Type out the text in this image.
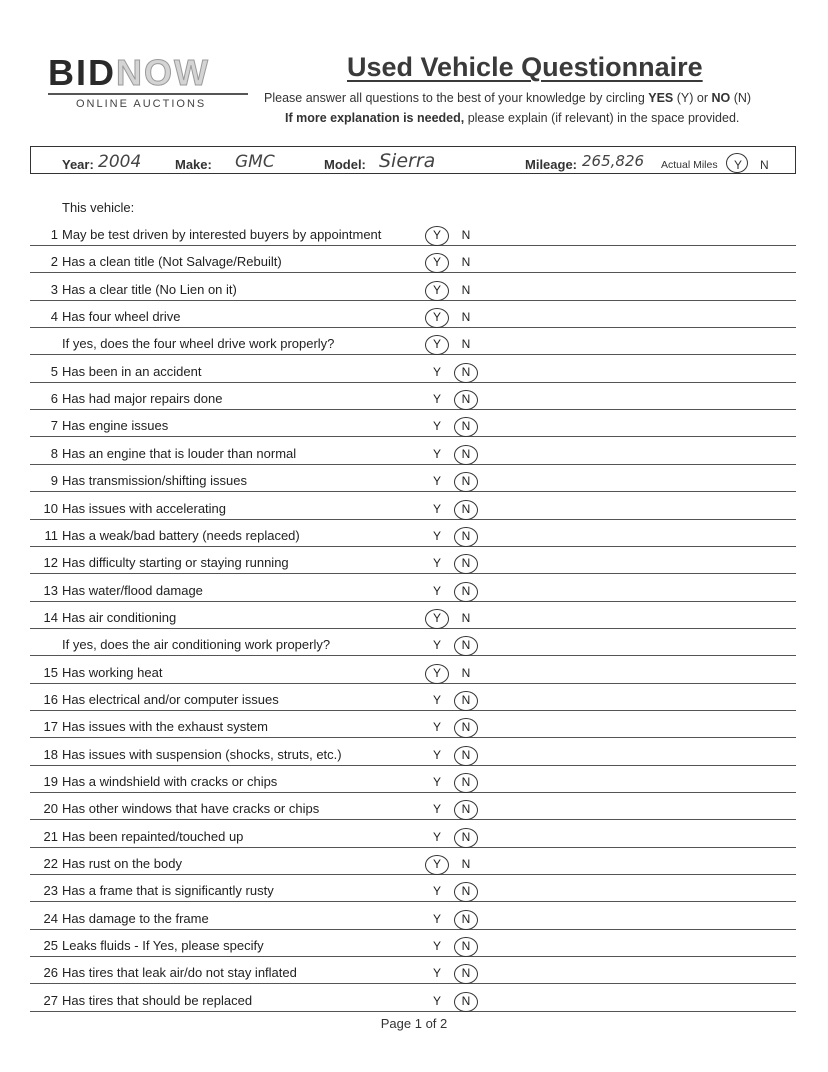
BIDNOW
ONLINE AUCTIONS
Used Vehicle Questionnaire
Please answer all questions to the best of your knowledge by circling YES (Y) or NO (N)
If more explanation is needed, please explain (if relevant) in the space provided.
Year: 2004	Make: GMC	Model: Sierra	Mileage: 265,826 Actual Miles Y N
This vehicle:
1 May be test driven by interested buyers by appointment	Y N
2 Has a clean title (Not Salvage/Rebuilt)	Y N
3 Has a clear title (No Lien on it)	Y N
4 Has four wheel drive	Y N
If yes, does the four wheel drive work properly?	Y N
5 Has been in an accident	Y N
6 Has had major repairs done	Y N
7 Has engine issues	Y N
8 Has an engine that is louder than normal	Y N
9 Has transmission/shifting issues	Y N
10 Has issues with accelerating	Y N
11 Has a weak/bad battery (needs replaced)	Y N
12 Has difficulty starting or staying running	Y N
13 Has water/flood damage	Y N
14 Has air conditioning	Y N
If yes, does the air conditioning work properly?	Y N
15 Has working heat	Y N
16 Has electrical and/or computer issues	Y N
17 Has issues with the exhaust system	Y N
18 Has issues with suspension (shocks, struts, etc.)	Y N
19 Has a windshield with cracks or chips	Y N
20 Has other windows that have cracks or chips	Y N
21 Has been repainted/touched up	Y N
22 Has rust on the body	Y N
23 Has a frame that is significantly rusty	Y N
24 Has damage to the frame	Y N
25 Leaks fluids - If Yes, please specify	Y N
26 Has tires that leak air/do not stay inflated	Y N
27 Has tires that should be replaced	Y N
Page 1 of 2
